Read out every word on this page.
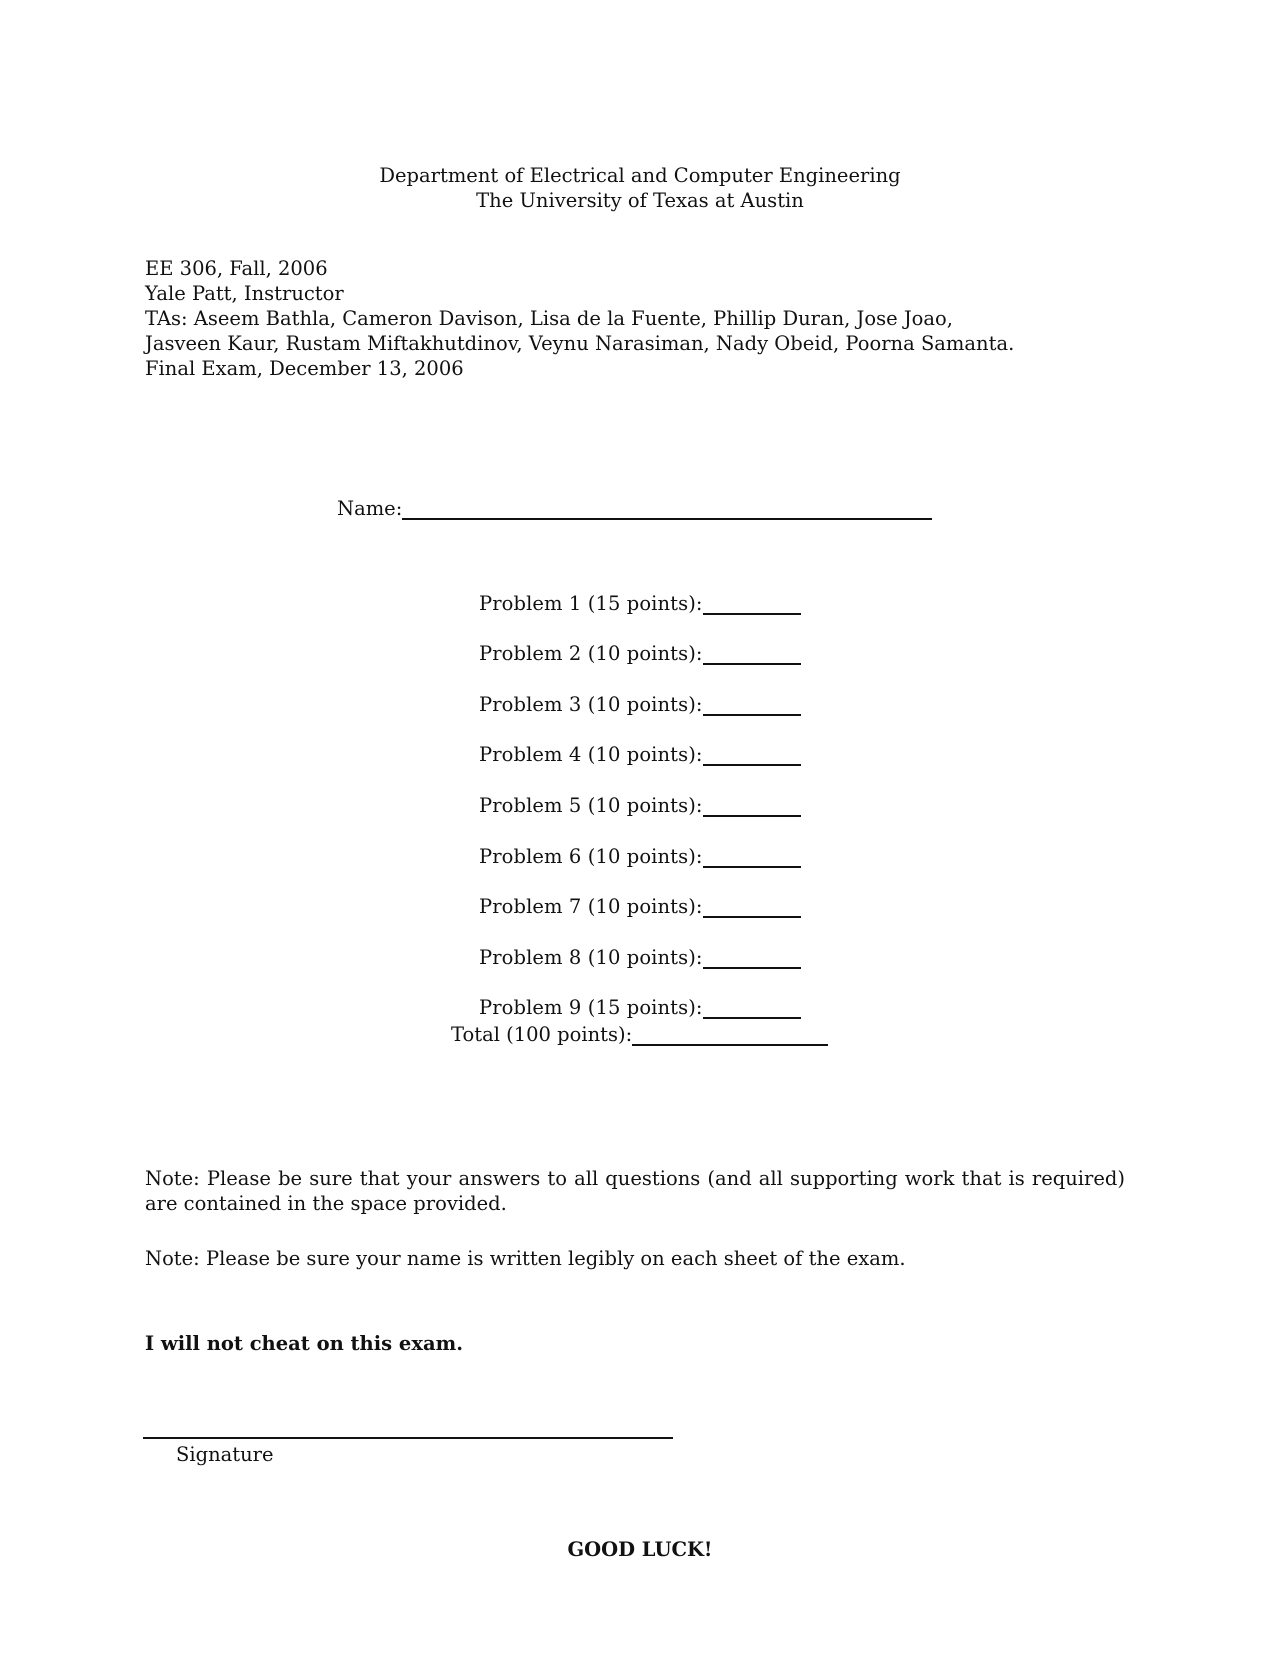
Department of Electrical and Computer Engineering
The University of Texas at Austin
EE 306, Fall, 2006
Yale Patt, Instructor
TAs: Aseem Bathla, Cameron Davison, Lisa de la Fuente, Phillip Duran, Jose Joao,
Jasveen Kaur, Rustam Miftakhutdinov, Veynu Narasiman, Nady Obeid, Poorna Samanta.
Final Exam, December 13, 2006
Name:
Problem 1 (15 points):
Problem 2 (10 points):
Problem 3 (10 points):
Problem 4 (10 points):
Problem 5 (10 points):
Problem 6 (10 points):
Problem 7 (10 points):
Problem 8 (10 points):
Problem 9 (15 points):
Total (100 points):
Note: Please be sure that your answers to all questions (and all supporting work that is required) are contained in the space provided.
Note: Please be sure your name is written legibly on each sheet of the exam.
I will not cheat on this exam.
Signature
GOOD LUCK!
